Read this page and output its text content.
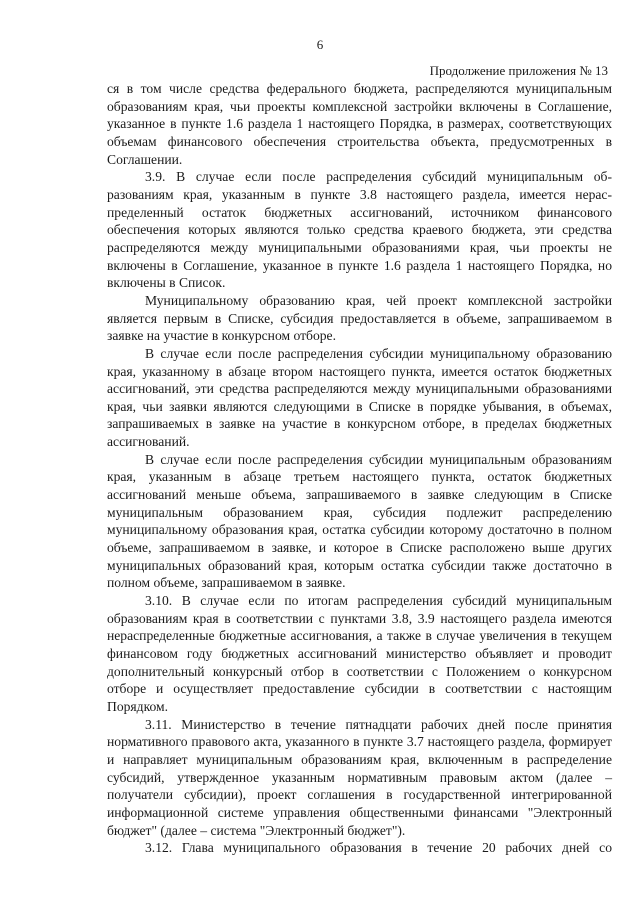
6
Продолжение приложения № 13

ся в том числе средства федерального бюджета, распределяются муниципальным образованиям края, чьи проекты комплексной застройки включены в Соглашение, указанное в пункте 1.6 раздела 1 настоящего Порядка, в размерах, соответствующих объемам финансового обеспечения строительства объекта, предусмотренных в Соглашении.

3.9. В случае если после распределения субсидий муниципальным образованиям края, указанным в пункте 3.8 настоящего раздела, имеется нераспределенный остаток бюджетных ассигнований, источником финансового обеспечения которых являются только средства краевого бюджета, эти средства распределяются между муниципальными образованиями края, чьи проекты не включены в Соглашение, указанное в пункте 1.6 раздела 1 настоящего Порядка, но включены в Список.

Муниципальному образованию края, чей проект комплексной застройки является первым в Списке, субсидия предоставляется в объеме, запрашиваемом в заявке на участие в конкурсном отборе.

В случае если после распределения субсидии муниципальному образованию края, указанному в абзаце втором настоящего пункта, имеется остаток бюджетных ассигнований, эти средства распределяются между муниципальными образованиями края, чьи заявки являются следующими в Списке в порядке убывания, в объемах, запрашиваемых в заявке на участие в конкурсном отборе, в пределах бюджетных ассигнований.

В случае если после распределения субсидии муниципальным образованиям края, указанным в абзаце третьем настоящего пункта, остаток бюджетных ассигнований меньше объема, запрашиваемого в заявке следующим в Списке муниципальным образованием края, субсидия подлежит распределению муниципальному образования края, остатка субсидии которому достаточно в полном объеме, запрашиваемом в заявке, и которое в Списке расположено выше других муниципальных образований края, которым остатка субсидии также достаточно в полном объеме, запрашиваемом в заявке.

3.10. В случае если по итогам распределения субсидий муниципальным образованиям края в соответствии с пунктами 3.8, 3.9 настоящего раздела имеются нераспределенные бюджетные ассигнования, а также в случае увеличения в текущем финансовом году бюджетных ассигнований министерство объявляет и проводит дополнительный конкурсный отбор в соответствии с Положением о конкурсном отборе и осуществляет предоставление субсидии в соответствии с настоящим Порядком.

3.11. Министерство в течение пятнадцати рабочих дней после принятия нормативного правового акта, указанного в пункте 3.7 настоящего раздела, формирует и направляет муниципальным образованиям края, включенным в распределение субсидий, утвержденное указанным нормативным правовым актом (далее – получатели субсидии), проект соглашения в государственной интегрированной информационной системе управления общественными финансами "Электронный бюджет" (далее – система "Электронный бюджет").

3.12. Глава муниципального образования в течение 20 рабочих дней со
